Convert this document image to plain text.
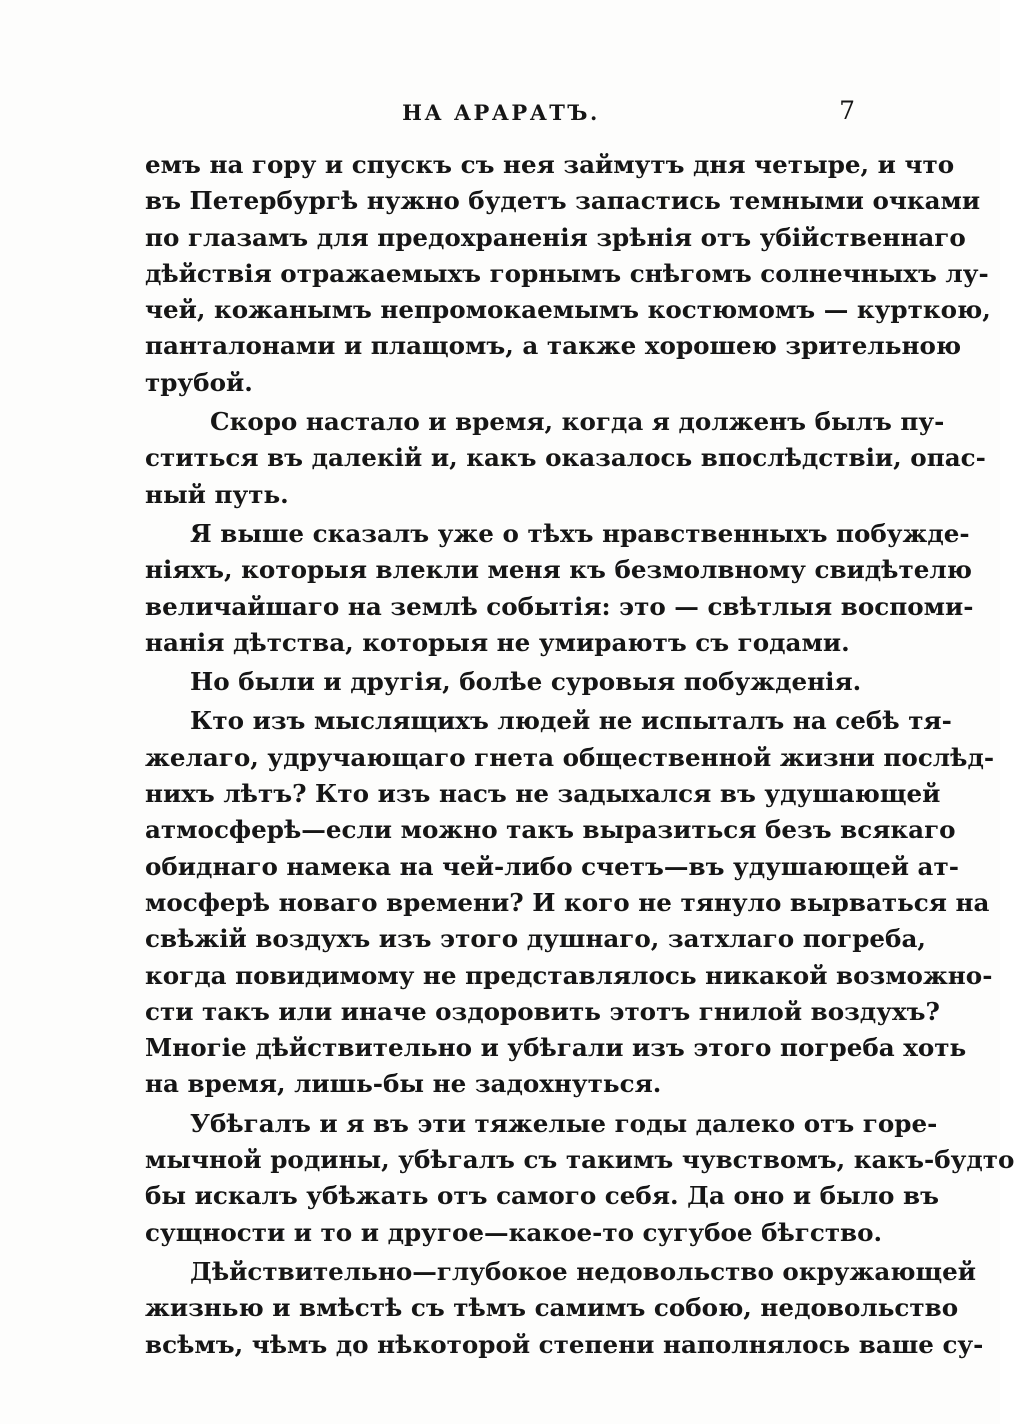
НА АРАРАТЪ.	7
емъ на гору и спускъ съ нея займутъ дня четыре, и что
въ Петербургѣ нужно будетъ запастись темными очками
по глазамъ для предохраненія зрѣнія отъ убійственнаго
дѣйствія отражаемыхъ горнымъ снѣгомъ солнечныхъ лу-
чей, кожанымъ непромокаемымъ костюмомъ — курткою,
панталонами и плащомъ, а также хорошею зрительною
трубой.
Скоро настало и время, когда я долженъ былъ пу-
ститься въ далекій и, какъ оказалось впослѣдствіи, опас-
ный путь.
Я выше сказалъ уже о тѣхъ нравственныхъ побужде-
ніяхъ, которыя влекли меня къ безмолвному свидѣтелю
величайшаго на землѣ событія: это — свѣтлыя воспоми-
нанія дѣтства, которыя не умираютъ съ годами.
Но были и другія, болѣе суровыя побужденія.
Кто изъ мыслящихъ людей не испыталъ на себѣ тя-
желаго, удручающаго гнета общественной жизни послѣд-
нихъ лѣтъ? Кто изъ насъ не задыхался въ удушающей
атмосферѣ—если можно такъ выразиться безъ всякаго
обиднаго намека на чей-либо счетъ—въ удушающей ат-
мосферѣ новаго времени? И кого не тянуло вырваться на
свѣжій воздухъ изъ этого душнаго, затхлаго погреба,
когда повидимому не представлялось никакой возможно-
сти такъ или иначе оздоровить этотъ гнилой воздухъ?
Многіе дѣйствительно и убѣгали изъ этого погреба хоть
на время, лишь-бы не задохнуться.
Убѣгалъ и я въ эти тяжелые годы далеко отъ горе-
мычной родины, убѣгалъ съ такимъ чувствомъ, какъ-будто
бы искалъ убѣжать отъ самого себя. Да оно и было въ
сущности и то и другое—какое-то сугубое бѣгство.
Дѣйствительно—глубокое недовольство окружающей
жизнью и вмѣстѣ съ тѣмъ самимъ собою, недовольство
всѣмъ, чѣмъ до нѣкоторой степени наполнялось ваше су-
